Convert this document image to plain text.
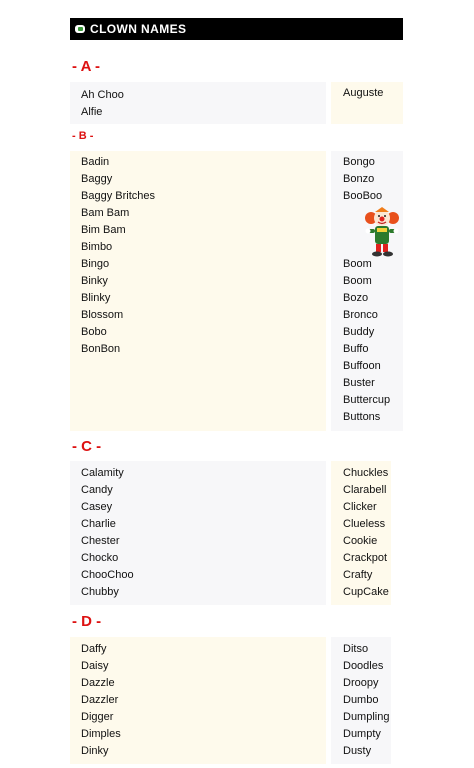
CLOWN NAMES
- A -
- B -
- C -
- D -
Ah Choo
Alfie
Auguste
Badin
Baggy
Baggy Britches
Bam Bam
Bim Bam
Bimbo
Bingo
Binky
Blinky
Blossom
Bobo
BonBon
Bongo
Bonzo
BooBoo
Boom
Boom
Bozo
Bronco
Buddy
Buffo
Buffoon
Buster
Buttercup
Buttons
Calamity
Candy
Casey
Charlie
Chester
Chocko
ChooChoo
Chubby
Chuckles
Clarabell
Clicker
Clueless
Cookie
Crackpot
Crafty
CupCake
Daffy
Daisy
Dazzle
Dazzler
Digger
Dimples
Dinky
Ditso
Doodles
Droopy
Dumbo
Dumpling
Dumpty
Dusty
